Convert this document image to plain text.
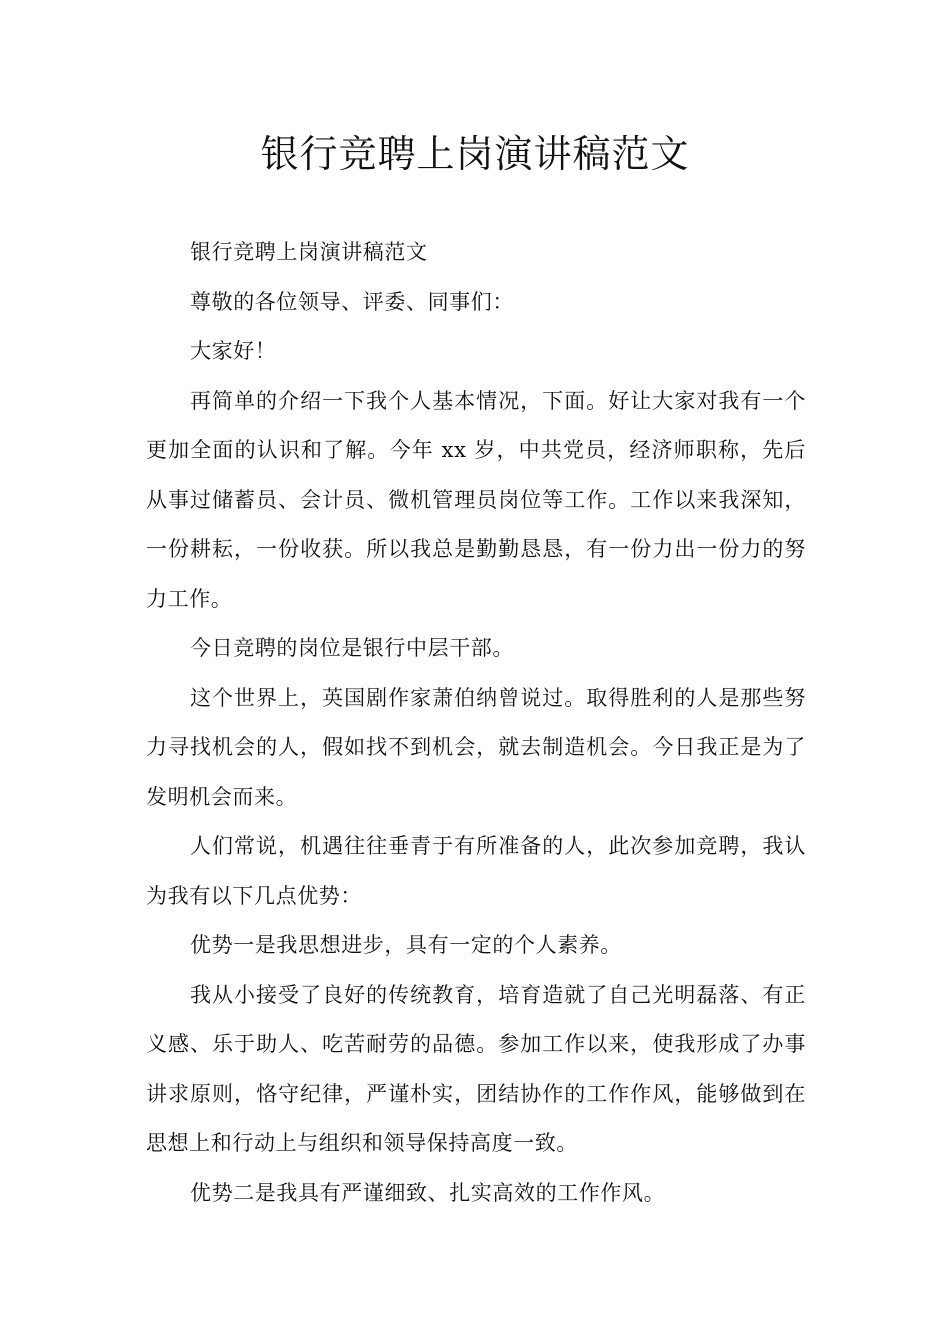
银行竞聘上岗演讲稿范文

银行竞聘上岗演讲稿范文

尊敬的各位领导、评委、同事们：

大家好！

再简单的介绍一下我个人基本情况，下面。好让大家对我有一个更加全面的认识和了解。今年 xx 岁，中共党员，经济师职称，先后从事过储蓄员、会计员、微机管理员岗位等工作。工作以来我深知，一份耕耘，一份收获。所以我总是勤勤恳恳，有一份力出一份力的努力工作。

今日竞聘的岗位是银行中层干部。

这个世界上，英国剧作家萧伯纳曾说过。取得胜利的人是那些努力寻找机会的人，假如找不到机会，就去制造机会。今日我正是为了发明机会而来。

人们常说，机遇往往垂青于有所准备的人，此次参加竞聘，我认为我有以下几点优势：

优势一是我思想进步，具有一定的个人素养。

我从小接受了良好的传统教育，培育造就了自己光明磊落、有正义感、乐于助人、吃苦耐劳的品德。参加工作以来，使我形成了办事讲求原则，恪守纪律，严谨朴实，团结协作的工作作风，能够做到在思想上和行动上与组织和领导保持高度一致。

优势二是我具有严谨细致、扎实高效的工作作风。
